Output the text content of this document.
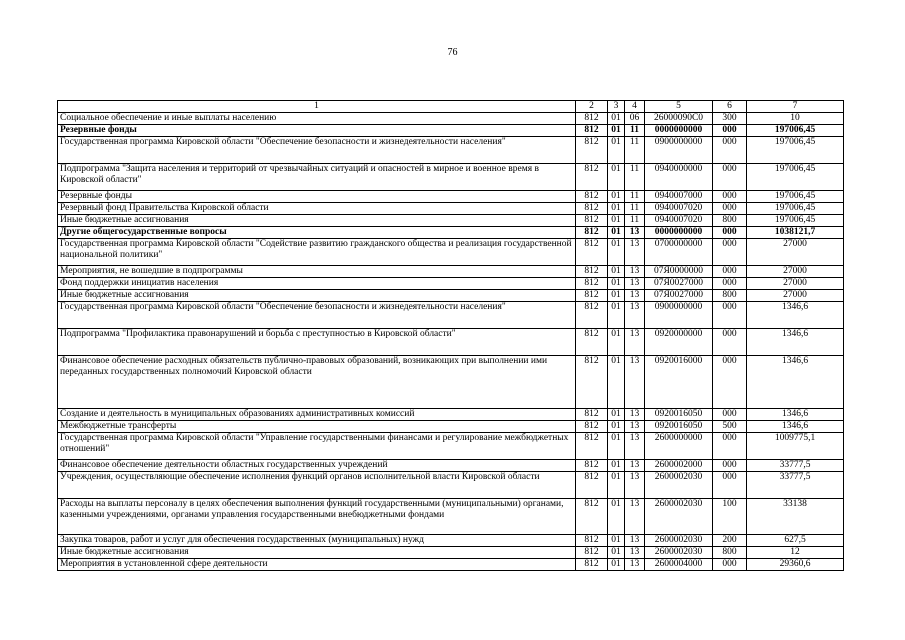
76
1	2	3	4	5	6	7
Социальное обеспечение и иные выплаты населению	812	01	06	26000090C0	300	10
Резервные фонды	812	01	11	0000000000	000	197006,45
Государственная программа Кировской области "Обеспечение безопасности и жизнедеятельности населения"	812	01	11	0900000000	000	197006,45
Подпрограмма "Защита населения и территорий от чрезвычайных ситуаций и опасностей в мирное и военное время в Кировской области"	812	01	11	0940000000	000	197006,45
Резервные фонды	812	01	11	0940007000	000	197006,45
Резервный фонд Правительства Кировской области	812	01	11	0940007020	000	197006,45
Иные бюджетные ассигнования	812	01	11	0940007020	800	197006,45
Другие общегосударственные вопросы	812	01	13	0000000000	000	1038121,7
Государственная программа Кировской области "Содействие развитию гражданского общества и реализация государственной национальной политики"	812	01	13	0700000000	000	27000
Мероприятия, не вошедшие в подпрограммы	812	01	13	07Я0000000	000	27000
Фонд поддержки инициатив населения	812	01	13	07Я0027000	000	27000
Иные бюджетные ассигнования	812	01	13	07Я0027000	800	27000
Государственная программа Кировской области "Обеспечение безопасности и жизнедеятельности населения"	812	01	13	0900000000	000	1346,6
Подпрограмма "Профилактика правонарушений и борьба с преступностью в Кировской области"	812	01	13	0920000000	000	1346,6
Финансовое обеспечение расходных обязательств публично-правовых образований, возникающих при выполнении ими переданных государственных полномочий Кировской области	812	01	13	0920016000	000	1346,6
Создание и деятельность в муниципальных образованиях административных комиссий	812	01	13	0920016050	000	1346,6
Межбюджетные трансферты	812	01	13	0920016050	500	1346,6
Государственная программа Кировской области "Управление государственными финансами и регулирование межбюджетных отношений"	812	01	13	2600000000	000	1009775,1
Финансовое обеспечение деятельности областных государственных учреждений	812	01	13	2600002000	000	33777,5
Учреждения, осуществляющие обеспечение исполнения функций органов исполнительной власти Кировской области	812	01	13	2600002030	000	33777,5
Расходы на выплаты персоналу в целях обеспечения выполнения функций государственными (муниципальными) органами, казенными учреждениями, органами управления государственными внебюджетными фондами	812	01	13	2600002030	100	33138
Закупка товаров, работ и услуг для обеспечения государственных (муниципальных) нужд	812	01	13	2600002030	200	627,5
Иные бюджетные ассигнования	812	01	13	2600002030	800	12
Мероприятия в установленной сфере деятельности	812	01	13	2600004000	000	29360,6
